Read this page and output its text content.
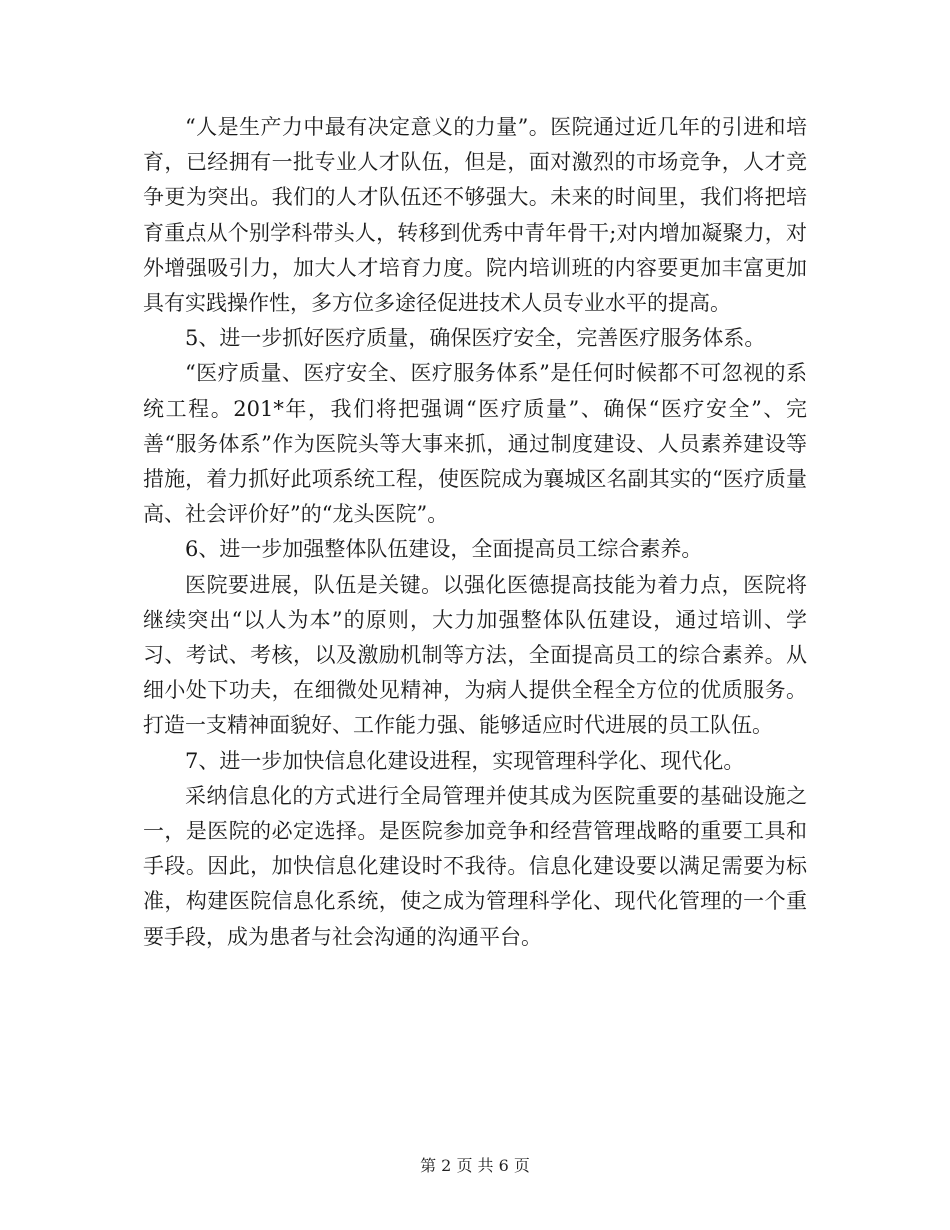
“人是生产力中最有决定意义的力量”。医院通过近几年的引进和培育，已经拥有一批专业人才队伍，但是，面对激烈的市场竞争，人才竞争更为突出。我们的人才队伍还不够强大。未来的时间里，我们将把培育重点从个别学科带头人，转移到优秀中青年骨干;对内增加凝聚力，对外增强吸引力，加大人才培育力度。院内培训班的内容要更加丰富更加具有实践操作性，多方位多途径促进技术人员专业水平的提高。

5、进一步抓好医疗质量，确保医疗安全，完善医疗服务体系。

“医疗质量、医疗安全、医疗服务体系”是任何时候都不可忽视的系统工程。201*年，我们将把强调“医疗质量”、确保“医疗安全”、完善“服务体系”作为医院头等大事来抓，通过制度建设、人员素养建设等措施，着力抓好此项系统工程，使医院成为襄城区名副其实的“医疗质量高、社会评价好”的“龙头医院”。

6、进一步加强整体队伍建设，全面提高员工综合素养。

医院要进展，队伍是关键。以强化医德提高技能为着力点，医院将继续突出“以人为本”的原则，大力加强整体队伍建设，通过培训、学习、考试、考核，以及激励机制等方法，全面提高员工的综合素养。从细小处下功夫，在细微处见精神，为病人提供全程全方位的优质服务。打造一支精神面貌好、工作能力强、能够适应时代进展的员工队伍。

7、进一步加快信息化建设进程，实现管理科学化、现代化。

采纳信息化的方式进行全局管理并使其成为医院重要的基础设施之一，是医院的必定选择。是医院参加竞争和经营管理战略的重要工具和手段。因此，加快信息化建设时不我待。信息化建设要以满足需要为标准，构建医院信息化系统，使之成为管理科学化、现代化管理的一个重要手段，成为患者与社会沟通的沟通平台。

第 2 页 共 6 页
